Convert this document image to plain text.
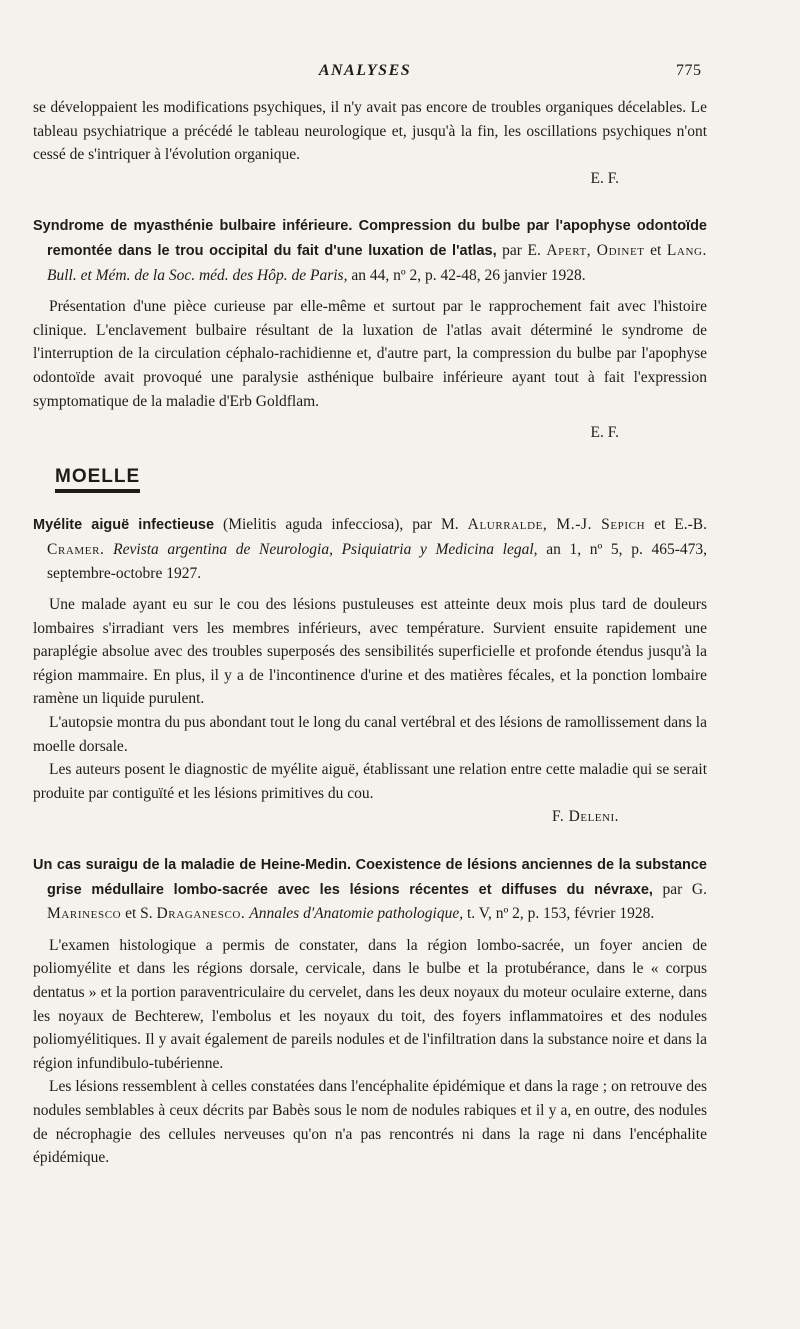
ANALYSES	775

se développaient les modifications psychiques, il n'y avait pas encore de troubles organiques décelables. Le tableau psychiatrique a précédé le tableau neurologique et, jusqu'à la fin, les oscillations psychiques n'ont cessé de s'intriquer à l'évolution organique.

E. F.

Syndrome de myasthénie bulbaire inférieure. Compression du bulbe par l'apophyse odontoïde remontée dans le trou occipital du fait d'une luxation de l'atlas, par E. Apert, Odinet et Lang. Bull. et Mém. de la Soc. méd. des Hôp. de Paris, an 44, nº 2, p. 42-48, 26 janvier 1928.

Présentation d'une pièce curieuse par elle-même et surtout par le rapprochement fait avec l'histoire clinique. L'enclavement bulbaire résultant de la luxation de l'atlas avait déterminé le syndrome de l'interruption de la circulation céphalo-rachidienne et, d'autre part, la compression du bulbe par l'apophyse odontoïde avait provoqué une paralysie asthénique bulbaire inférieure ayant tout à fait l'expression symptomatique de la maladie d'Erb Goldflam.

E. F.

MOELLE

Myélite aiguë infectieuse (Mielitis aguda infecciosa), par M. Alurralde, M.-J. Sepich et E.-B. Cramer. Revista argentina de Neurologia, Psiquiatria y Medicina legal, an 1, nº 5, p. 465-473, septembre-octobre 1927.

Une malade ayant eu sur le cou des lésions pustuleuses est atteinte deux mois plus tard de douleurs lombaires s'irradiant vers les membres inférieurs, avec température. Survient ensuite rapidement une paraplégie absolue avec des troubles superposés des sensibilités superficielle et profonde étendus jusqu'à la région mammaire. En plus, il y a de l'incontinence d'urine et des matières fécales, et la ponction lombaire ramène un liquide purulent.

L'autopsie montra du pus abondant tout le long du canal vertébral et des lésions de ramollissement dans la moelle dorsale.

Les auteurs posent le diagnostic de myélite aiguë, établissant une relation entre cette maladie qui se serait produite par contiguïté et les lésions primitives du cou.

F. Deleni.

Un cas suraigu de la maladie de Heine-Medin. Coexistence de lésions anciennes de la substance grise médullaire lombo-sacrée avec les lésions récentes et diffuses du névraxe, par G. Marinesco et S. Draganesco. Annales d'Anatomie pathologique, t. V, nº 2, p. 153, février 1928.

L'examen histologique a permis de constater, dans la région lombo-sacrée, un foyer ancien de poliomyélite et dans les régions dorsale, cervicale, dans le bulbe et la protubérance, dans le « corpus dentatus » et la portion paraventriculaire du cervelet, dans les deux noyaux du moteur oculaire externe, dans les noyaux de Bechterew, l'embolus et les noyaux du toit, des foyers inflammatoires et des nodules poliomyélitiques. Il y avait également de pareils nodules et de l'infiltration dans la substance noire et dans la région infundibulo-tubérienne.

Les lésions ressemblent à celles constatées dans l'encéphalite épidémique et dans la rage ; on retrouve des nodules semblables à ceux décrits par Babès sous le nom de nodules rabiques et il y a, en outre, des nodules de nécrophagie des cellules nerveuses qu'on n'a pas rencontrés ni dans la rage ni dans l'encéphalite épidémique.
